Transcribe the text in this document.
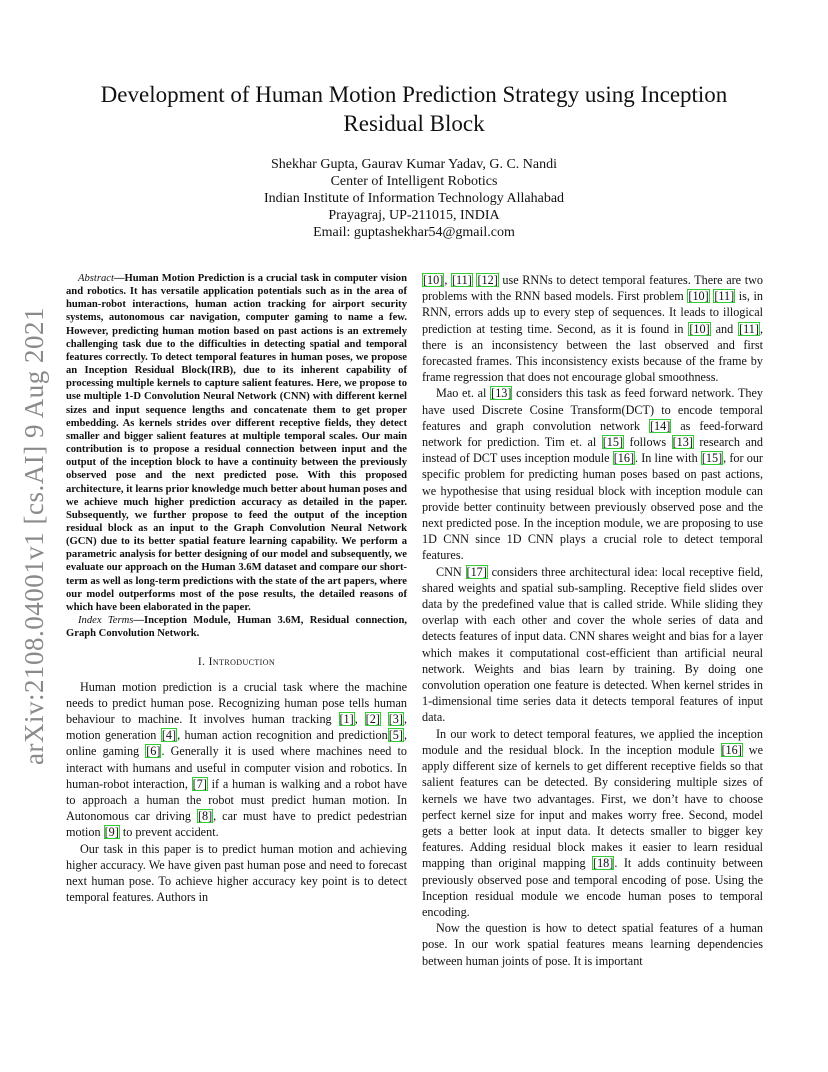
arXiv:2108.04001v1 [cs.AI] 9 Aug 2021
Development of Human Motion Prediction Strategy using Inception Residual Block
Shekhar Gupta, Gaurav Kumar Yadav, G. C. Nandi
Center of Intelligent Robotics
Indian Institute of Information Technology Allahabad
Prayagraj, UP-211015, INDIA
Email: guptashekhar54@gmail.com

Abstract—Human Motion Prediction is a crucial task in computer vision and robotics. It has versatile application potentials such as in the area of human-robot interactions, human action tracking for airport security systems, autonomous car navigation, computer gaming to name a few. However, predicting human motion based on past actions is an extremely challenging task due to the difficulties in detecting spatial and temporal features correctly. To detect temporal features in human poses, we propose an Inception Residual Block(IRB), due to its inherent capability of processing multiple kernels to capture salient features. Here, we propose to use multiple 1-D Convolution Neural Network (CNN) with different kernel sizes and input sequence lengths and concatenate them to get proper embedding. As kernels strides over different receptive fields, they detect smaller and bigger salient features at multiple temporal scales. Our main contribution is to propose a residual connection between input and the output of the inception block to have a continuity between the previously observed pose and the next predicted pose. With this proposed architecture, it learns prior knowledge much better about human poses and we achieve much higher prediction accuracy as detailed in the paper. Subsequently, we further propose to feed the output of the inception residual block as an input to the Graph Convolution Neural Network (GCN) due to its better spatial feature learning capability. We perform a parametric analysis for better designing of our model and subsequently, we evaluate our approach on the Human 3.6M dataset and compare our short-term as well as long-term predictions with the state of the art papers, where our model outperforms most of the pose results, the detailed reasons of which have been elaborated in the paper.

Index Terms—Inception Module, Human 3.6M, Residual connection, Graph Convolution Network.

I. Introduction

Human motion prediction is a crucial task where the machine needs to predict human pose. Recognizing human pose tells human behaviour to machine. It involves human tracking [1], [2] [3], motion generation [4], human action recognition and prediction[5], online gaming [6]. Generally it is used where machines need to interact with humans and useful in computer vision and robotics. In human-robot interaction, [7] if a human is walking and a robot have to approach a human the robot must predict human motion. In Autonomous car driving [8], car must have to predict pedestrian motion [9] to prevent accident.

Our task in this paper is to predict human motion and achieving higher accuracy. We have given past human pose and need to forecast next human pose. To achieve higher accuracy key point is to detect temporal features. Authors in

[10], [11] [12] use RNNs to detect temporal features. There are two problems with the RNN based models. First problem [10] [11] is, in RNN, errors adds up to every step of sequences. It leads to illogical prediction at testing time. Second, as it is found in [10] and [11], there is an inconsistency between the last observed and first forecasted frames. This inconsistency exists because of the frame by frame regression that does not encourage global smoothness.

Mao et. al [13] considers this task as feed forward network. They have used Discrete Cosine Transform(DCT) to encode temporal features and graph convolution network [14] as feed-forward network for prediction. Tim et. al [15] follows [13] research and instead of DCT uses inception module [16]. In line with [15], for our specific problem for predicting human poses based on past actions, we hypothesise that using residual block with inception module can provide better continuity between previously observed pose and the next predicted pose. In the inception module, we are proposing to use 1D CNN since 1D CNN plays a crucial role to detect temporal features.

CNN [17] considers three architectural idea: local receptive field, shared weights and spatial sub-sampling. Receptive field slides over data by the predefined value that is called stride. While sliding they overlap with each other and cover the whole series of data and detects features of input data. CNN shares weight and bias for a layer which makes it computational cost-efficient than artificial neural network. Weights and bias learn by training. By doing one convolution operation one feature is detected. When kernel strides in 1-dimensional time series data it detects temporal features of input data.

In our work to detect temporal features, we applied the inception module and the residual block. In the inception module [16] we apply different size of kernels to get different receptive fields so that salient features can be detected. By considering multiple sizes of kernels we have two advantages. First, we don’t have to choose perfect kernel size for input and makes worry free. Second, model gets a better look at input data. It detects smaller to bigger key features. Adding residual block makes it easier to learn residual mapping than original mapping [18]. It adds continuity between previously observed pose and temporal encoding of pose. Using the Inception residual module we encode human poses to temporal encoding.

Now the question is how to detect spatial features of a human pose. In our work spatial features means learning dependencies between human joints of pose. It is important
